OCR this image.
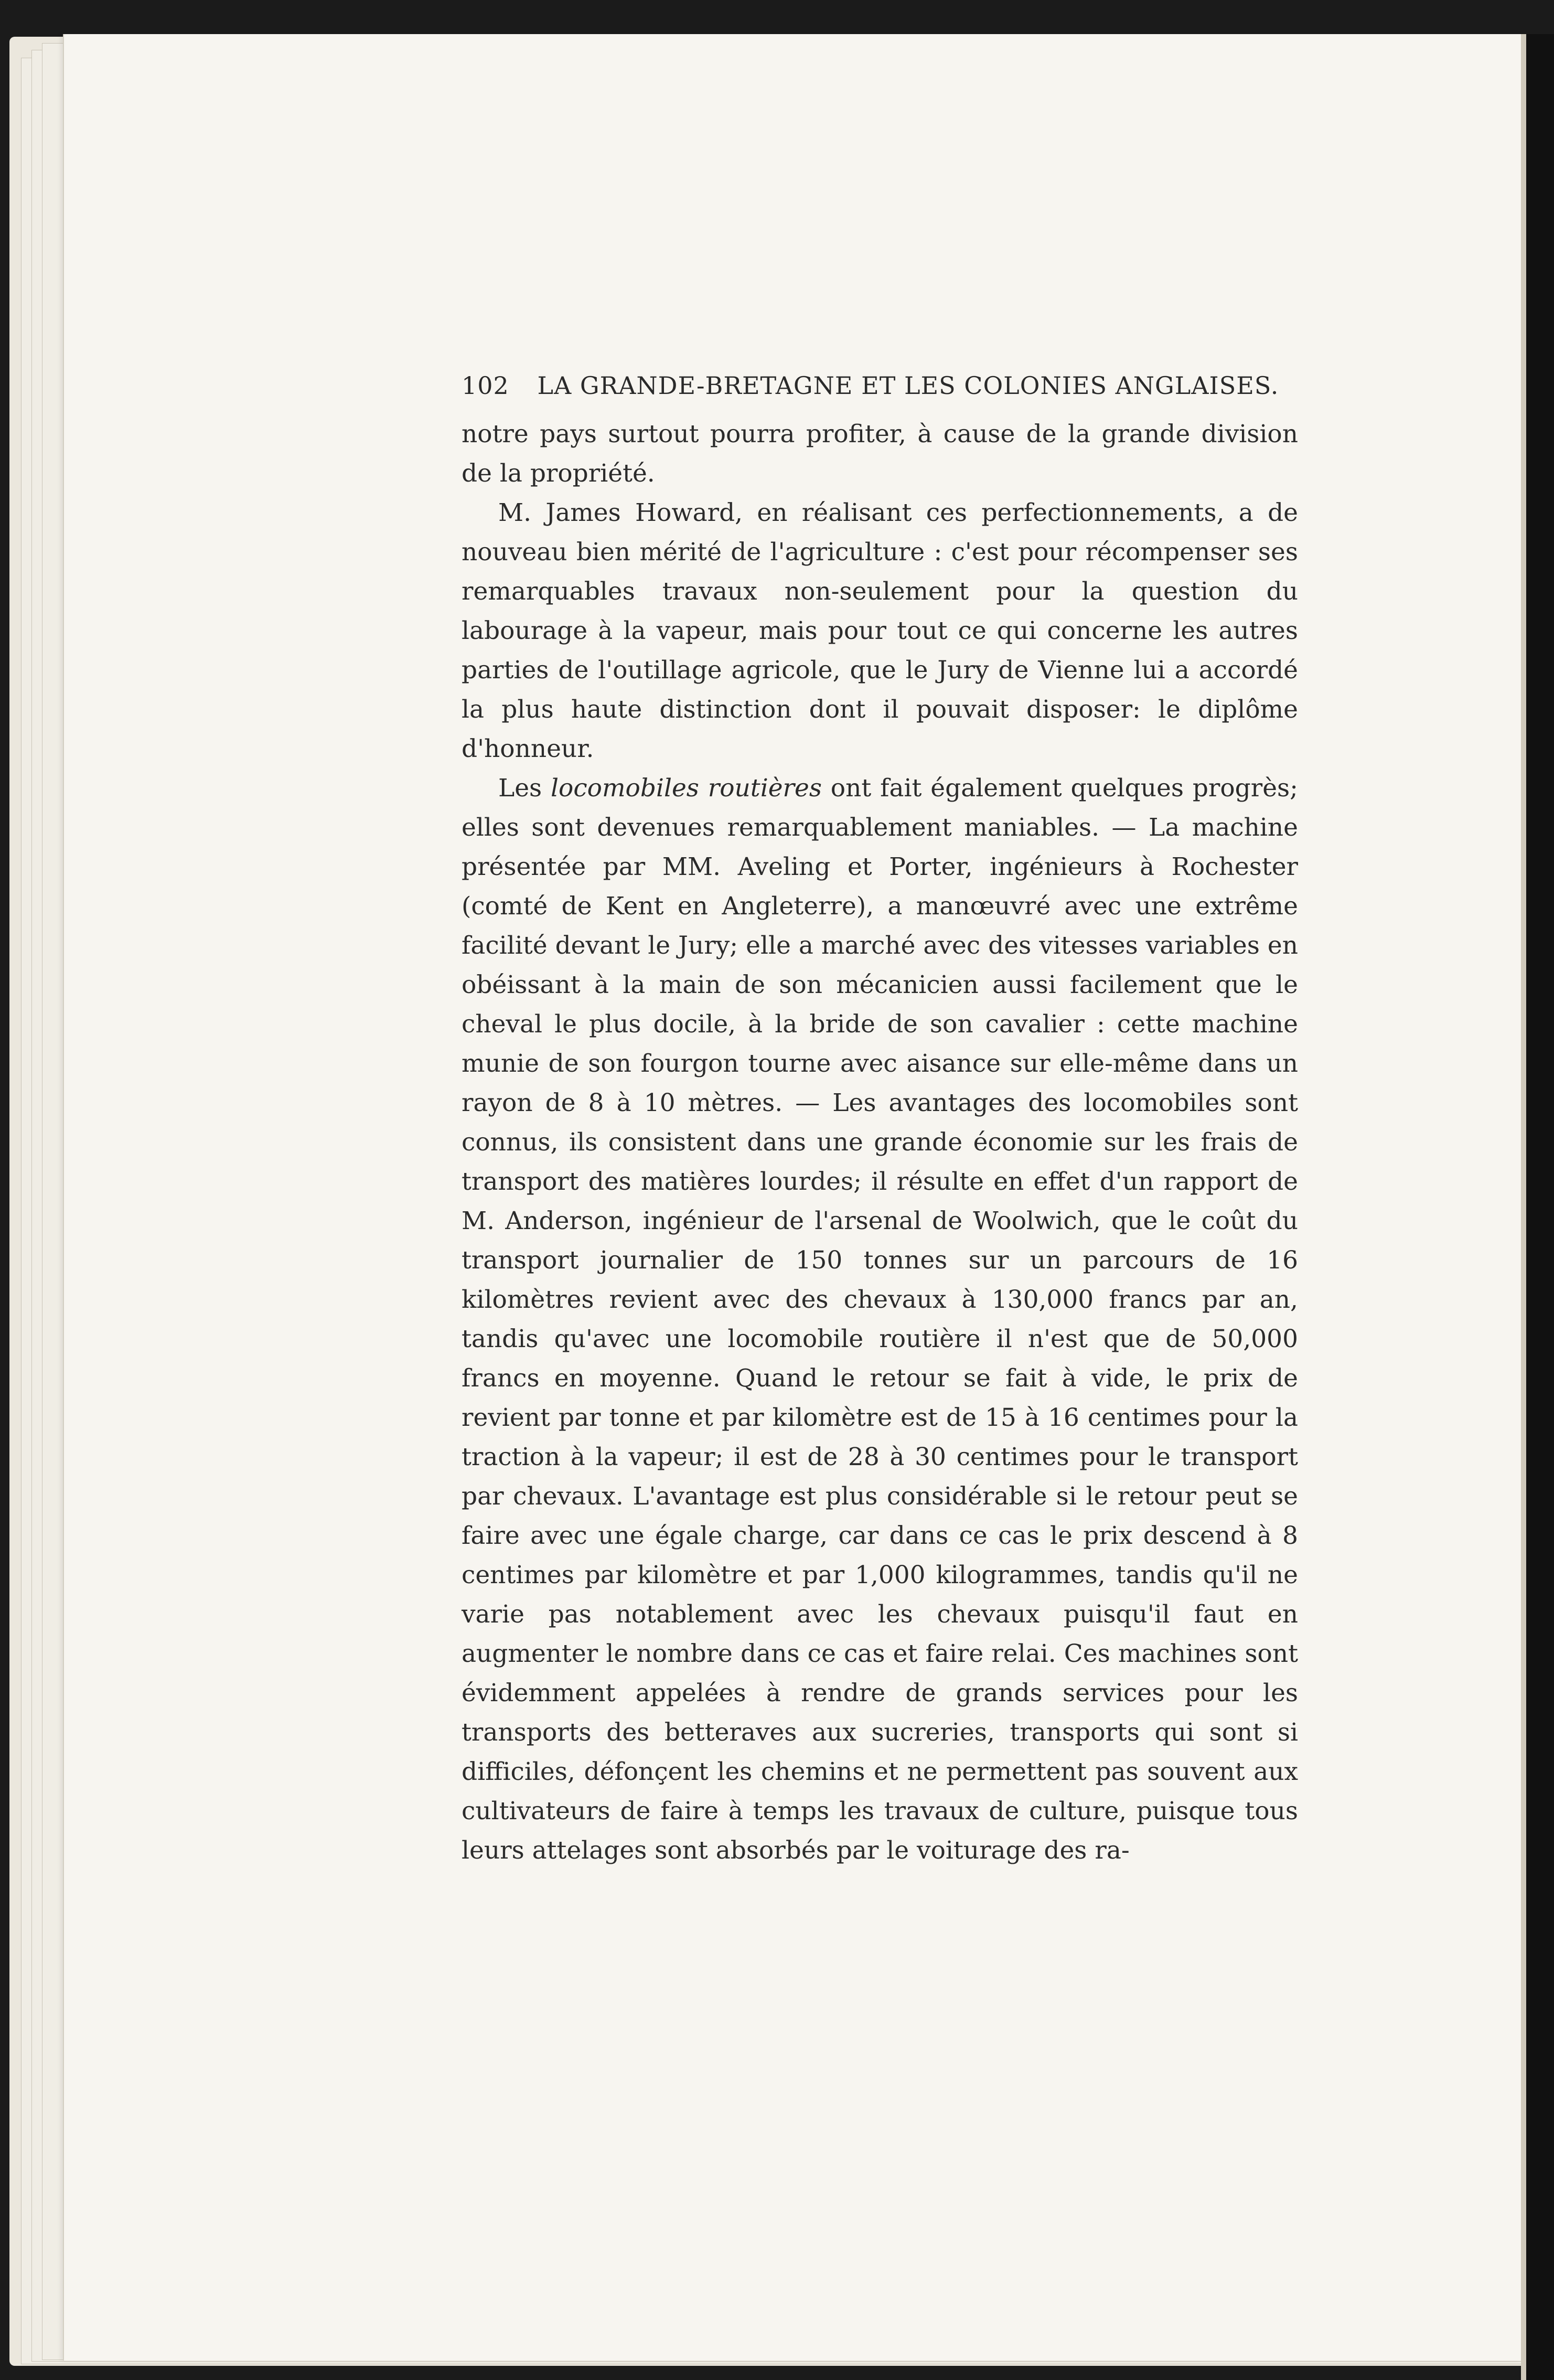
102 LA GRANDE-BRETAGNE ET LES COLONIES ANGLAISES.

notre pays surtout pourra profiter, à cause de la grande division de la propriété.

M. James Howard, en réalisant ces perfectionnements, a de nouveau bien mérité de l'agriculture : c'est pour récompenser ses remarquables travaux non-seulement pour la question du labourage à la vapeur, mais pour tout ce qui concerne les autres parties de l'outillage agricole, que le Jury de Vienne lui a accordé la plus haute distinction dont il pouvait disposer: le diplôme d'honneur.

Les locomobiles routières ont fait également quelques progrès; elles sont devenues remarquablement maniables. — La machine présentée par MM. Aveling et Porter, ingénieurs à Rochester (comté de Kent en Angleterre), a manœuvré avec une extrême facilité devant le Jury; elle a marché avec des vitesses variables en obéissant à la main de son mécanicien aussi facilement que le cheval le plus docile, à la bride de son cavalier : cette machine munie de son fourgon tourne avec aisance sur elle-même dans un rayon de 8 à 10 mètres. — Les avantages des locomobiles sont connus, ils consistent dans une grande économie sur les frais de transport des matières lourdes; il résulte en effet d'un rapport de M. Anderson, ingénieur de l'arsenal de Woolwich, que le coût du transport journalier de 150 tonnes sur un parcours de 16 kilomètres revient avec des chevaux à 130,000 francs par an, tandis qu'avec une locomobile routière il n'est que de 50,000 francs en moyenne. Quand le retour se fait à vide, le prix de revient par tonne et par kilomètre est de 15 à 16 centimes pour la traction à la vapeur; il est de 28 à 30 centimes pour le transport par chevaux. L'avantage est plus considérable si le retour peut se faire avec une égale charge, car dans ce cas le prix descend à 8 centimes par kilomètre et par 1,000 kilogrammes, tandis qu'il ne varie pas notablement avec les chevaux puisqu'il faut en augmenter le nombre dans ce cas et faire relai. Ces machines sont évidemment appelées à rendre de grands services pour les transports des betteraves aux sucreries, transports qui sont si difficiles, défonçent les chemins et ne permettent pas souvent aux cultivateurs de faire à temps les travaux de culture, puisque tous leurs attelages sont absorbés par le voiturage des ra-
